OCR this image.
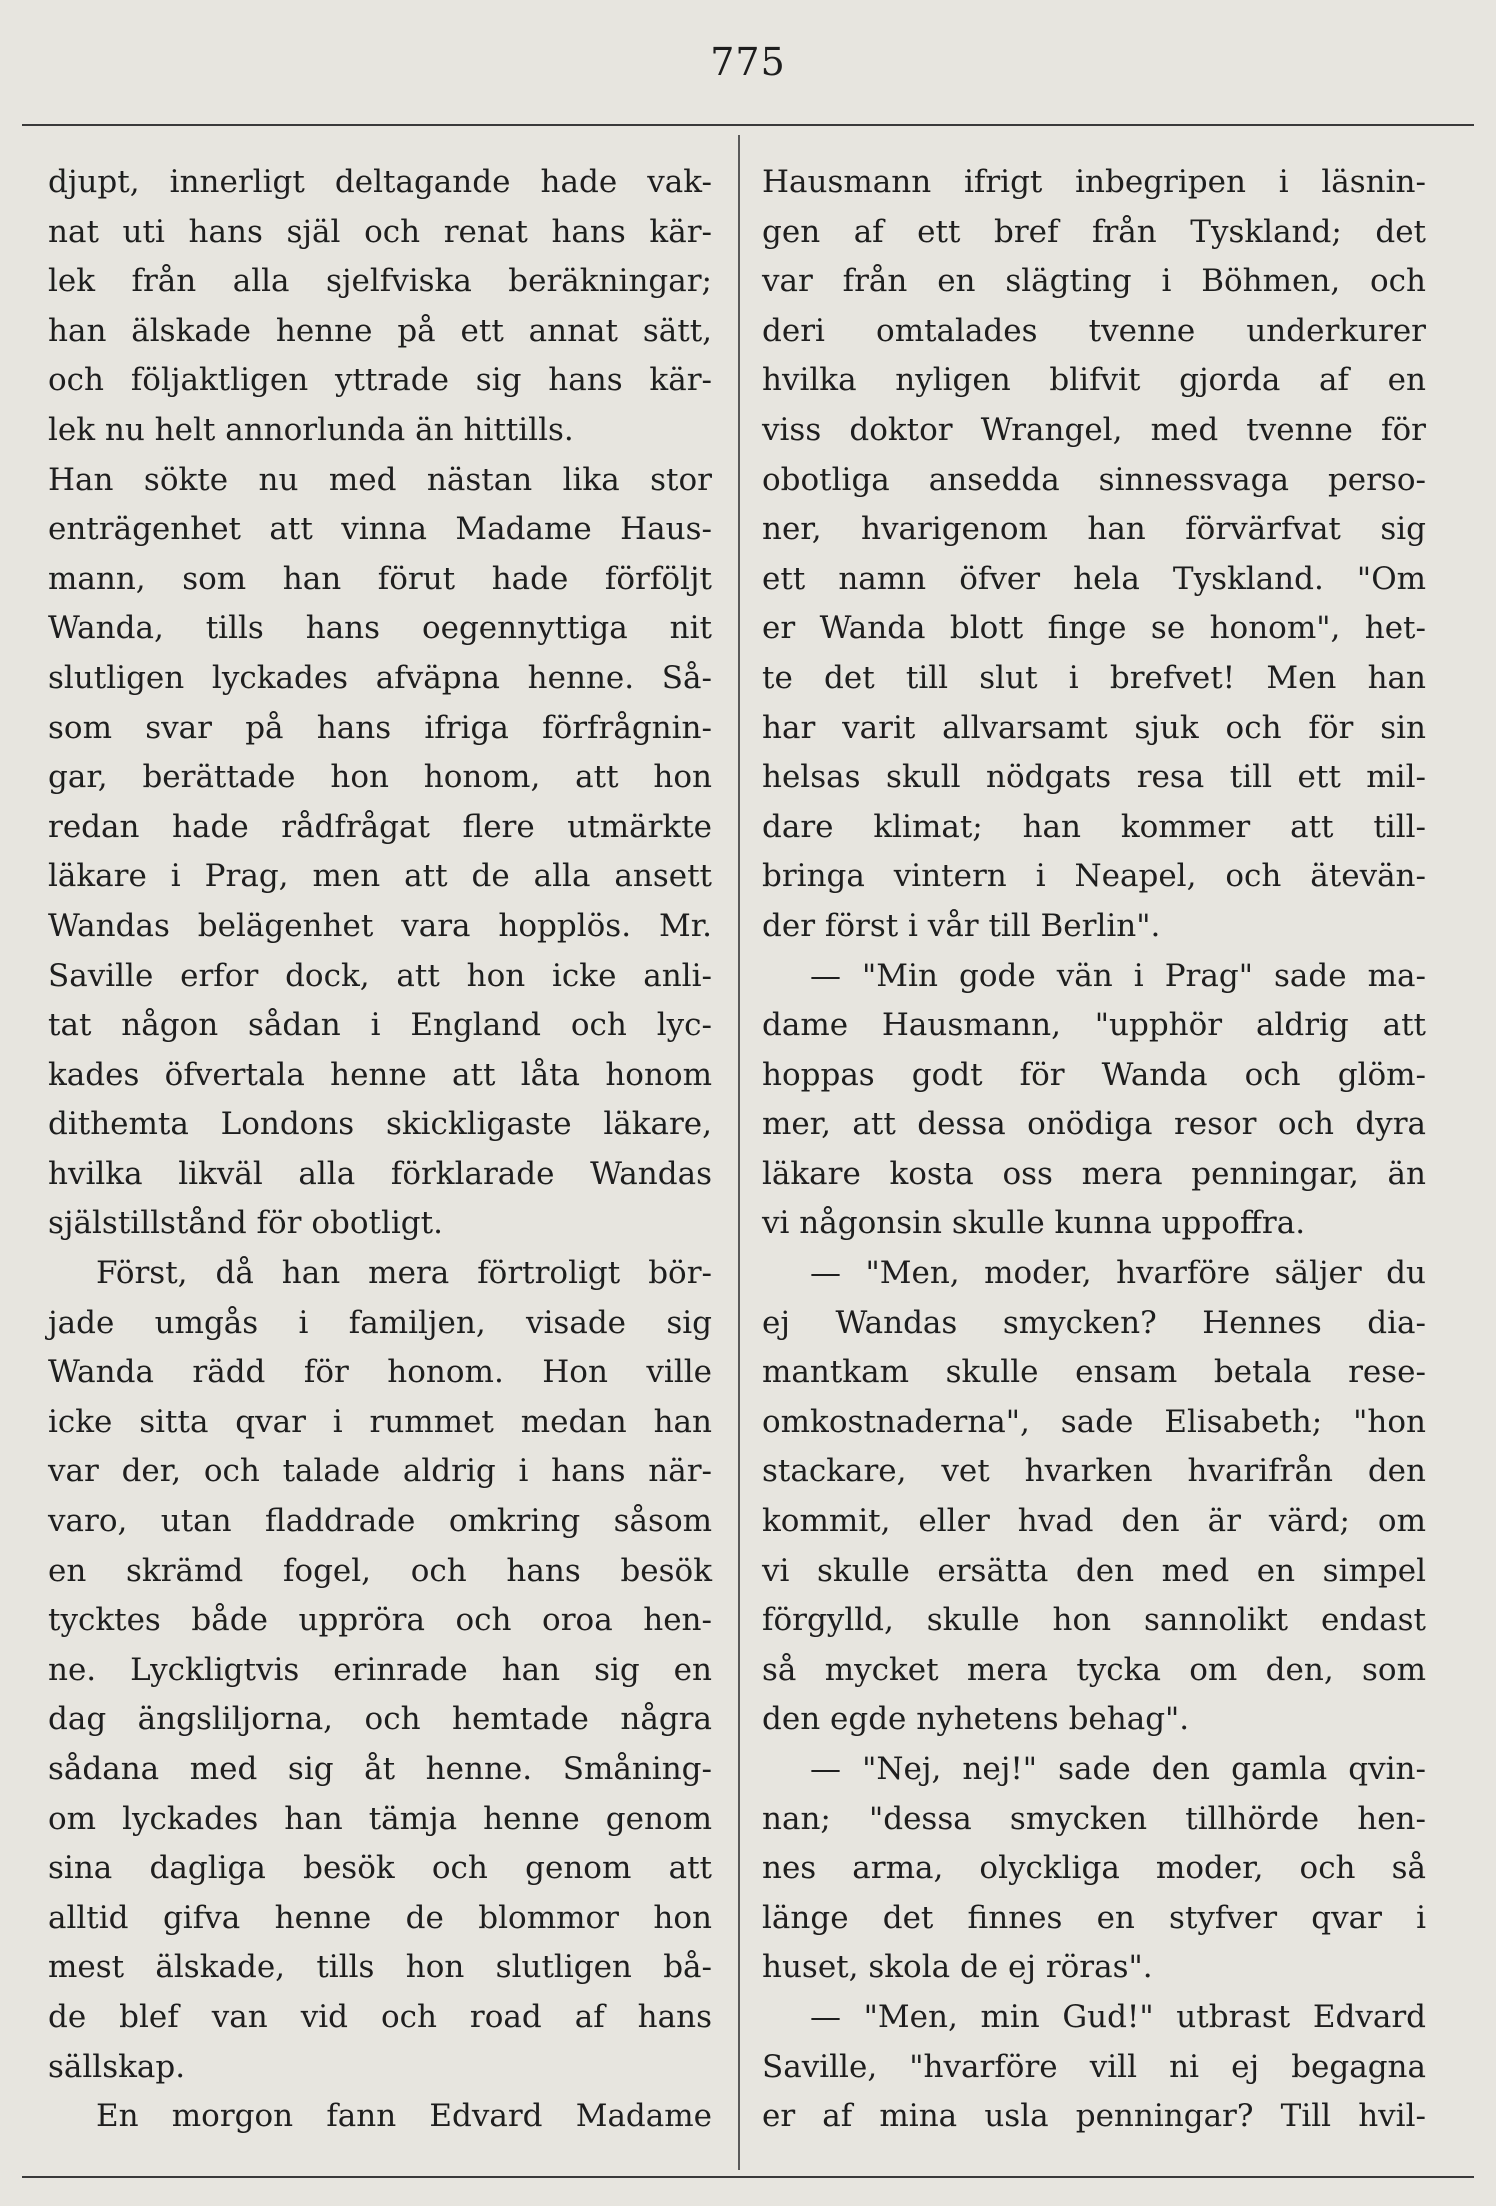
775
djupt, innerligt deltagande hade vak-
nat uti hans själ och renat hans kär-
lek från alla sjelfviska beräkningar;
han älskade henne på ett annat sätt,
och följaktligen yttrade sig hans kär-
lek nu helt annorlunda än hittills.
Han sökte nu med nästan lika stor
enträgenhet att vinna Madame Haus-
mann, som han förut hade förföljt
Wanda, tills hans oegennyttiga nit
slutligen lyckades afväpna henne. Så-
som svar på hans ifriga förfrågnin-
gar, berättade hon honom, att hon
redan hade rådfrågat flere utmärkte
läkare i Prag, men att de alla ansett
Wandas belägenhet vara hopplös. Mr.
Saville erfor dock, att hon icke anli-
tat någon sådan i England och lyc-
kades öfvertala henne att låta honom
dithemta Londons skickligaste läkare,
hvilka likväl alla förklarade Wandas
själstillstånd för obotligt.
Först, då han mera förtroligt bör-
jade umgås i familjen, visade sig
Wanda rädd för honom. Hon ville
icke sitta qvar i rummet medan han
var der, och talade aldrig i hans när-
varo, utan fladdrade omkring såsom
en skrämd fogel, och hans besök
tycktes både uppröra och oroa hen-
ne. Lyckligtvis erinrade han sig en
dag ängsliljorna, och hemtade några
sådana med sig åt henne. Småning-
om lyckades han tämja henne genom
sina dagliga besök och genom att
alltid gifva henne de blommor hon
mest älskade, tills hon slutligen bå-
de blef van vid och road af hans
sällskap.
En morgon fann Edvard Madame
Hausmann ifrigt inbegripen i läsnin-
gen af ett bref från Tyskland; det
var från en slägting i Böhmen, och
deri omtalades tvenne underkurer
hvilka nyligen blifvit gjorda af en
viss doktor Wrangel, med tvenne för
obotliga ansedda sinnessvaga perso-
ner, hvarigenom han förvärfvat sig
ett namn öfver hela Tyskland. "Om
er Wanda blott finge se honom", het-
te det till slut i brefvet! Men han
har varit allvarsamt sjuk och för sin
helsas skull nödgats resa till ett mil-
dare klimat; han kommer att till-
bringa vintern i Neapel, och ätevän-
der först i vår till Berlin".
— "Min gode vän i Prag" sade ma-
dame Hausmann, "upphör aldrig att
hoppas godt för Wanda och glöm-
mer, att dessa onödiga resor och dyra
läkare kosta oss mera penningar, än
vi någonsin skulle kunna uppoffra.
— "Men, moder, hvarföre säljer du
ej Wandas smycken? Hennes dia-
mantkam skulle ensam betala rese-
omkostnaderna", sade Elisabeth; "hon
stackare, vet hvarken hvarifrån den
kommit, eller hvad den är värd; om
vi skulle ersätta den med en simpel
förgylld, skulle hon sannolikt endast
så mycket mera tycka om den, som
den egde nyhetens behag".
— "Nej, nej!" sade den gamla qvin-
nan; "dessa smycken tillhörde hen-
nes arma, olyckliga moder, och så
länge det finnes en styfver qvar i
huset, skola de ej röras".
— "Men, min Gud!" utbrast Edvard
Saville, "hvarföre vill ni ej begagna
er af mina usla penningar? Till hvil-
